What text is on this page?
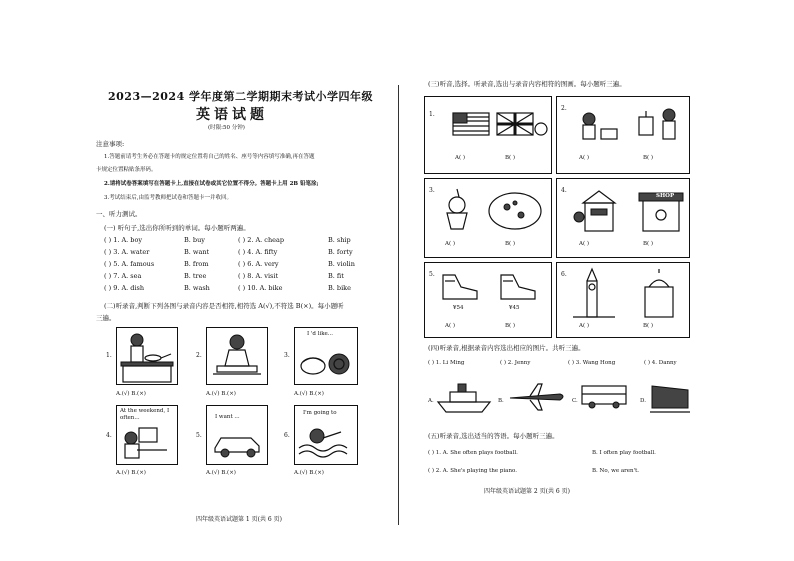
2023—2024 学年度第二学期期末考试小学四年级
英语试题
(时限:50 分钟)
注意事项:
1.答题前请考生务必在答题卡的规定位置将自己的姓名、座号等内容填写准确,再在答题
卡规定位置粘贴条形码。
2.请将试卷答案填写在答题卡上,直接在试卷或其它位置不得分。答题卡上用 2B 铅笔涂;
3.考试结束后,由监考教师把试卷和答题卡一并收回。
一、听力测试。
(一) 听句子,选出你所听到的单词。每小题听两遍。
( ) 1. A. boy	B. buy	( ) 2. A. cheap	B. ship
( ) 3. A. water	B. want	( ) 4. A. fifty	B. forty
( ) 5. A. famous	B. from	( ) 6. A. very	B. violin
( ) 7. A. sea	B. tree	( ) 8. A. visit	B. fit
( ) 9. A. dish	B. wash	( ) 10. A. bike	B. bike
(二)听录音,判断下列各图与录音内容是否相符,相符选 A(√),不符选 B(×)。每小题听
三遍。
1.
A.(√) B.(×)
2.
A.(√) B.(×)
3.
I 'd like...
A.(√) B.(×)
4.
At the weekend, I often...
A.(√) B.(×)
5.
I want ...
A.(√) B.(×)
6.
I'm going to
A.(√) B.(×)
四年级英语试题第 1 页(共 6 页)
(三)听音,选择。听录音,选出与录音内容相符的图画。每小题听三遍。
1.
A( )	B( )
2.
A( )	B( )
3.
A( )	B( )
4.
SHOP
A( )	B( )
5.
¥54	¥45
A( )	B( )
6.
A( )	B( )
(四)听录音,根据录音内容选出相应的图片。共听三遍。
( ) 1. Li Ming	( ) 2. Jenny	( ) 3. Wang Hong	( ) 4. Danny
A.	B.	C.	D.
(五)听录音,选出适当的答语。每小题听三遍。
( ) 1. A. She often plays football.	B. I often play football.
( ) 2. A. She's playing the piano.	B. No, we aren't.
四年级英语试题第 2 页(共 6 页)
